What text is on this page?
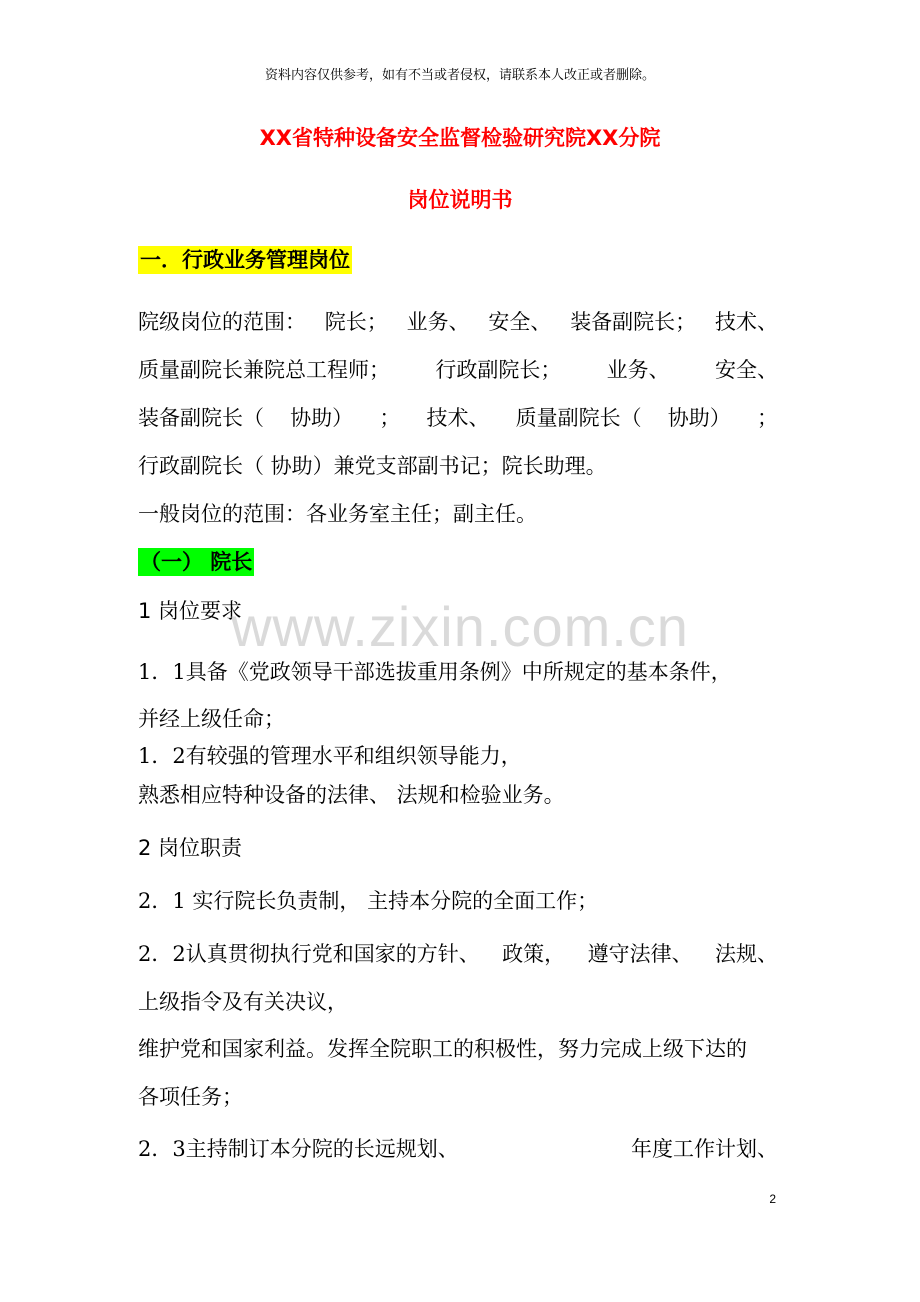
资料内容仅供参考，如有不当或者侵权，请联系本人改正或者删除。
XX省特种设备安全监督检验研究院XX分院
岗位说明书
一．行政业务管理岗位
院级岗位的范围： 院长； 业务、 安全、 装备副院长； 技术、
质量副院长兼院总工程师； 行政副院长； 业务、 安全、
装备副院长（ 协助） ； 技术、 质量副院长（ 协助） ；
行政副院长（ 协助）兼党支部副书记；院长助理。
一般岗位的范围：各业务室主任；副主任。
（一） 院长
1 岗位要求
1．1具备《党政领导干部选拔重用条例》中所规定的基本条件，
并经上级任命；
1．2有较强的管理水平和组织领导能力，
熟悉相应特种设备的法律、 法规和检验业务。
2 岗位职责
2．1 实行院长负责制， 主持本分院的全面工作；
2．2认真贯彻执行党和国家的方针、 政策， 遵守法律、 法规、
上级指令及有关决议，
维护党和国家利益。发挥全院职工的积极性，努力完成上级下达的
各项任务；
2．3主持制订本分院的长远规划、	年度工作计划、
www.zixin.com.cn
2
